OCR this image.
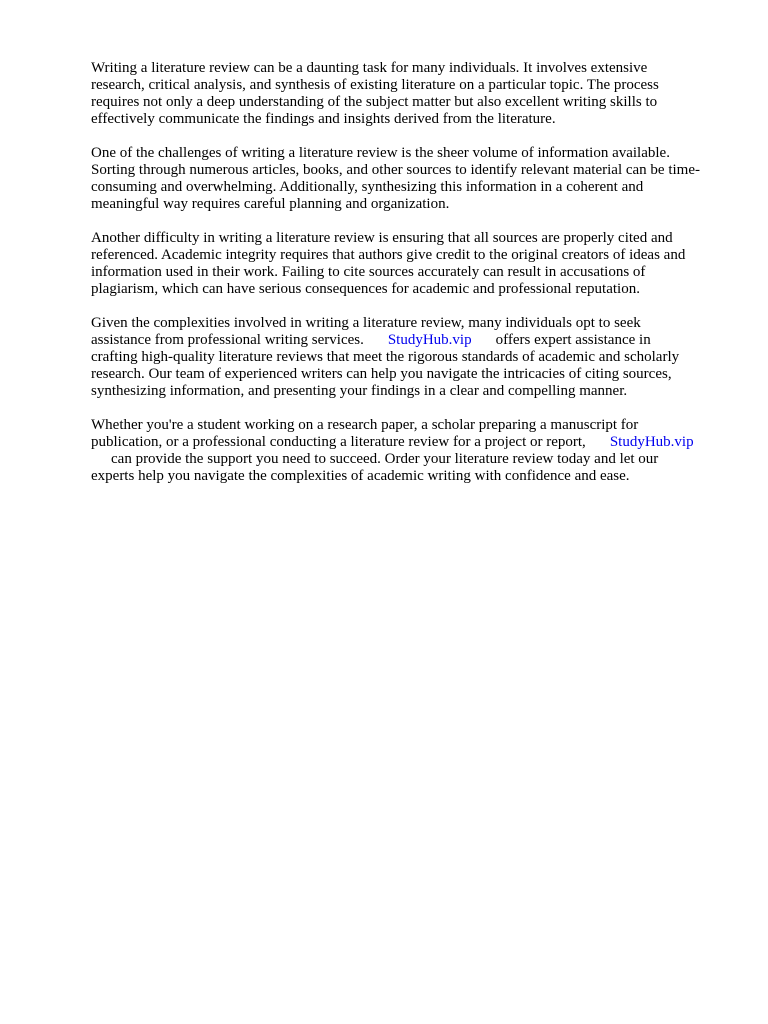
Writing a literature review can be a daunting task for many individuals. It involves extensive
research, critical analysis, and synthesis of existing literature on a particular topic. The process
requires not only a deep understanding of the subject matter but also excellent writing skills to
effectively communicate the findings and insights derived from the literature.

One of the challenges of writing a literature review is the sheer volume of information available.
Sorting through numerous articles, books, and other sources to identify relevant material can be time-
consuming and overwhelming. Additionally, synthesizing this information in a coherent and
meaningful way requires careful planning and organization.

Another difficulty in writing a literature review is ensuring that all sources are properly cited and
referenced. Academic integrity requires that authors give credit to the original creators of ideas and
information used in their work. Failing to cite sources accurately can result in accusations of
plagiarism, which can have serious consequences for academic and professional reputation.

Given the complexities involved in writing a literature review, many individuals opt to seek
assistance from professional writing services. StudyHub.vip offers expert assistance in
crafting high-quality literature reviews that meet the rigorous standards of academic and scholarly
research. Our team of experienced writers can help you navigate the intricacies of citing sources,
synthesizing information, and presenting your findings in a clear and compelling manner.

Whether you're a student working on a research paper, a scholar preparing a manuscript for
publication, or a professional conducting a literature review for a project or report, StudyHub.vip
can provide the support you need to succeed. Order your literature review today and let our
experts help you navigate the complexities of academic writing with confidence and ease.
